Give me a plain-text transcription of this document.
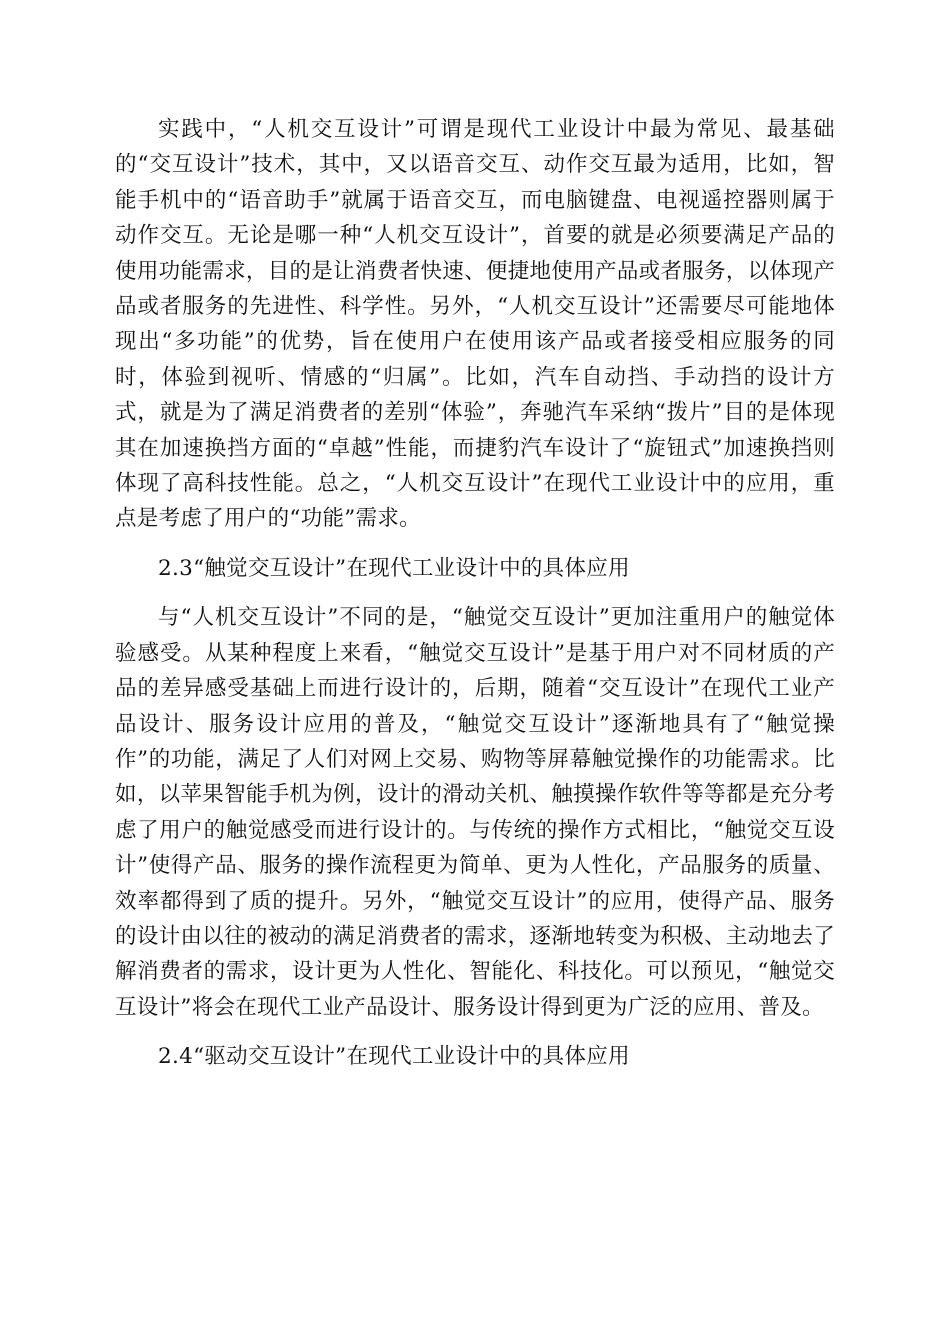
实践中，“人机交互设计”可谓是现代工业设计中最为常见、最基础的“交互设计”技术，其中，又以语音交互、动作交互最为适用，比如，智能手机中的“语音助手”就属于语音交互，而电脑键盘、电视遥控器则属于动作交互。无论是哪一种“人机交互设计”，首要的就是必须要满足产品的使用功能需求，目的是让消费者快速、便捷地使用产品或者服务，以体现产品或者服务的先进性、科学性。另外，“人机交互设计”还需要尽可能地体现出“多功能”的优势，旨在使用户在使用该产品或者接受相应服务的同时，体验到视听、情感的“归属”。比如，汽车自动挡、手动挡的设计方式，就是为了满足消费者的差别“体验”，奔驰汽车采纳“拨片”目的是体现其在加速换挡方面的“卓越”性能，而捷豹汽车设计了“旋钮式”加速换挡则体现了高科技性能。总之，“人机交互设计”在现代工业设计中的应用，重点是考虑了用户的“功能”需求。

2.3“触觉交互设计”在现代工业设计中的具体应用

与“人机交互设计”不同的是，“触觉交互设计”更加注重用户的触觉体验感受。从某种程度上来看，“触觉交互设计”是基于用户对不同材质的产品的差异感受基础上而进行设计的，后期，随着“交互设计”在现代工业产品设计、服务设计应用的普及，“触觉交互设计”逐渐地具有了“触觉操作”的功能，满足了人们对网上交易、购物等屏幕触觉操作的功能需求。比如，以苹果智能手机为例，设计的滑动关机、触摸操作软件等等都是充分考虑了用户的触觉感受而进行设计的。与传统的操作方式相比，“触觉交互设计”使得产品、服务的操作流程更为简单、更为人性化，产品服务的质量、效率都得到了质的提升。另外，“触觉交互设计”的应用，使得产品、服务的设计由以往的被动的满足消费者的需求，逐渐地转变为积极、主动地去了解消费者的需求，设计更为人性化、智能化、科技化。可以预见，“触觉交互设计”将会在现代工业产品设计、服务设计得到更为广泛的应用、普及。

2.4“驱动交互设计”在现代工业设计中的具体应用
